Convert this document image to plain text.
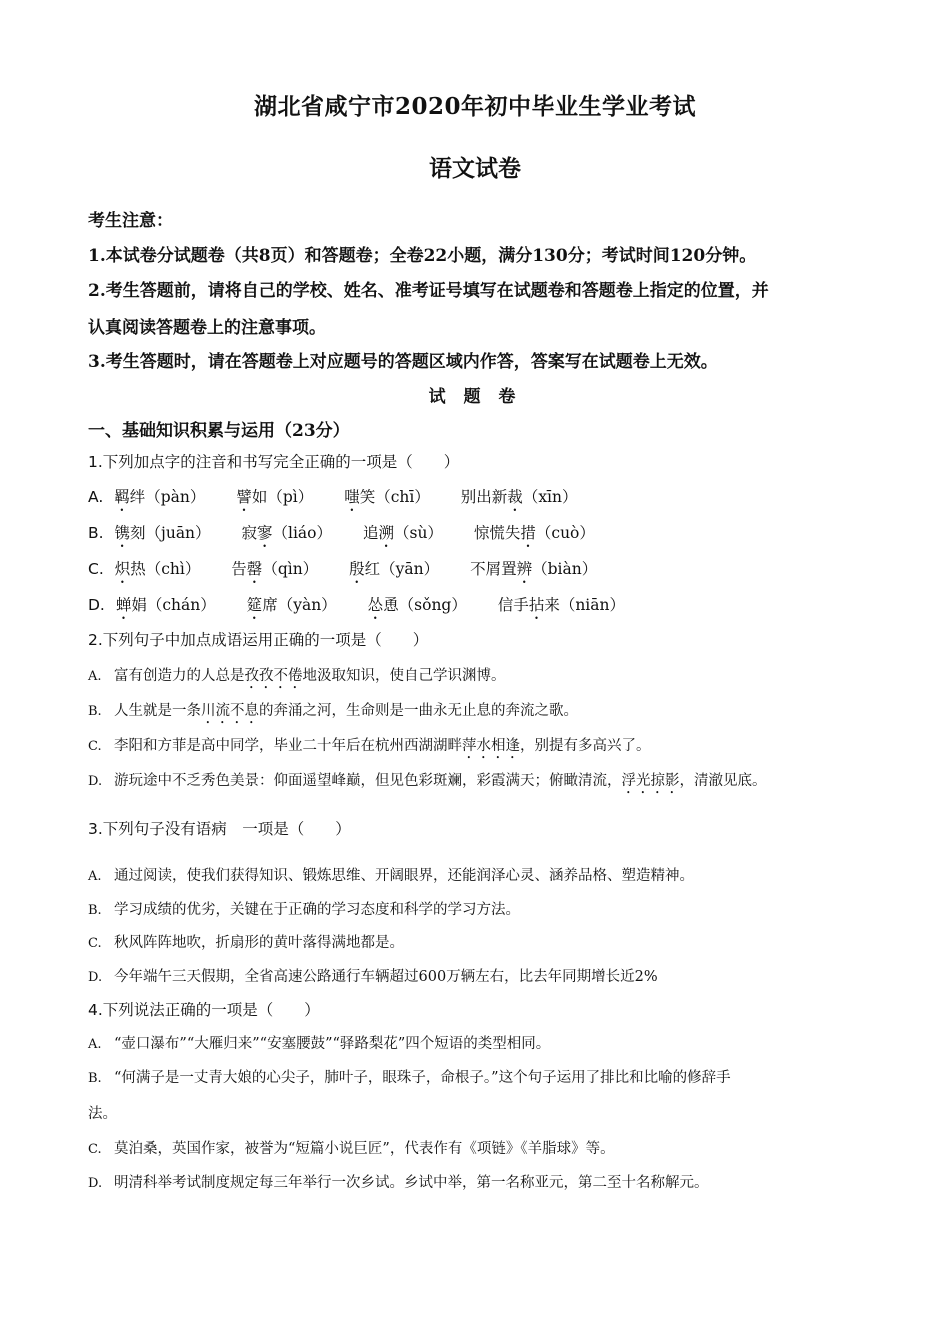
湖北省咸宁市2020年初中毕业生学业考试
语文试卷
考生注意：
1.本试卷分试题卷（共8页）和答题卷；全卷22小题，满分130分；考试时间120分钟。
2.考生答题前，请将自己的学校、姓名、准考证号填写在试题卷和答题卷上指定的位置，并
认真阅读答题卷上的注意事项。
3.考生答题时，请在答题卷上对应题号的答题区域内作答，答案写在试题卷上无效。
试 题 卷
一、基础知识积累与运用（23分）
1.下列加点字的注音和书写完全正确的一项是（　　）
A. 羁绊（pàn） 譬如（pì） 嗤笑（chī） 别出新裁（xīn）
B. 镌刻（juān） 寂寥（liáo） 追溯（sù） 惊慌失措（cuò）
C. 炽热（chì） 告罄（qìn） 殷红（yān） 不屑置辨（biàn）
D. 蝉娟（chán） 筵席（yàn） 怂恿（sǒng） 信手拈来（niān）
2.下列句子中加点成语运用正确的一项是（　　）
A. 富有创造力的人总是孜孜不倦地汲取知识，使自己学识渊博。
B. 人生就是一条川流不息的奔涌之河，生命则是一曲永无止息的奔流之歌。
C. 李阳和方菲是高中同学，毕业二十年后在杭州西湖湖畔萍水相逢，别提有多高兴了。
D. 游玩途中不乏秀色美景：仰面遥望峰巅，但见色彩斑斓，彩霞满天；俯瞰清流，浮光掠影，清澈见底。
3.下列句子没有语病　一项是（　　）
A. 通过阅读，使我们获得知识、锻炼思维、开阔眼界，还能润泽心灵、涵养品格、塑造精神。
B. 学习成绩的优劣，关键在于正确的学习态度和科学的学习方法。
C. 秋风阵阵地吹，折扇形的黄叶落得满地都是。
D. 今年端午三天假期，全省高速公路通行车辆超过600万辆左右，比去年同期增长近2%
4.下列说法正确的一项是（　　）
A. “壶口瀑布”“大雁归来”“安塞腰鼓”“驿路梨花”四个短语的类型相同。
B. “何满子是一丈青大娘的心尖子，肺叶子，眼珠子，命根子。”这个句子运用了排比和比喻的修辞手
法。
C. 莫泊桑，英国作家，被誉为“短篇小说巨匠”，代表作有《项链》《羊脂球》等。
D. 明清科举考试制度规定每三年举行一次乡试。乡试中举，第一名称亚元，第二至十名称解元。
